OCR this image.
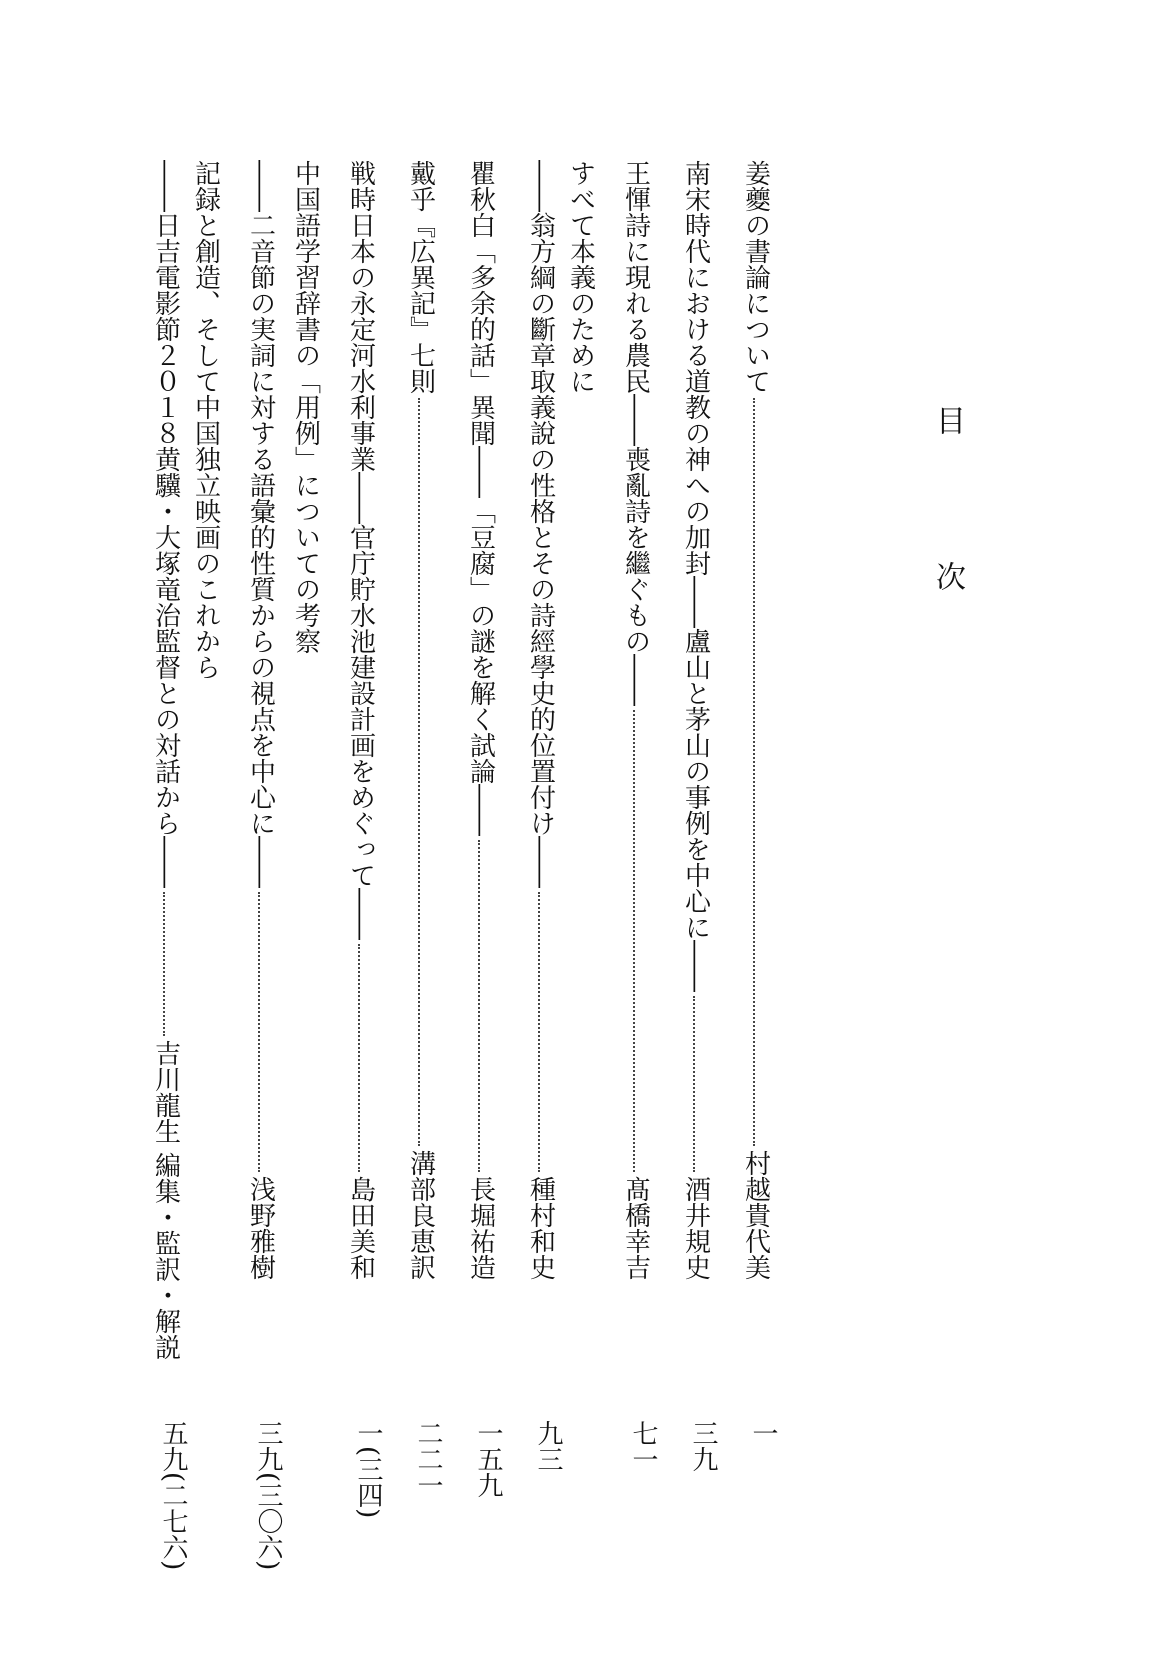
目　次
姜夔の書論について
村越貴代美
一
南宋時代における道教の神への加封――盧山と茅山の事例を中心に――
酒井規史
三九
王惲詩に現れる農民――喪亂詩を繼ぐもの――
髙橋幸吉
七一
すべて本義のために
――翁方綱の斷章取義說の性格とその詩經學史的位置付け――
種村和史
九三
瞿秋白「多余的話」異聞――「豆腐」の謎を解く試論――
長堀祐造
一五九
戴乎『広異記』七則
溝部良恵訳
二二一
戦時日本の永定河水利事業――官庁貯水池建設計画をめぐって――
島田美和
一(三四)
中国語学習辞書の「用例」についての考察
――二音節の実詞に対する語彙的性質からの視点を中心に――
浅野雅樹
三九(三〇六)
記録と創造、そして中国独立映画のこれから
――日吉電影節２０１８黄驥・大塚竜治監督との対話から――
吉川龍生 編集・監訳・解説
五九(二七六)
